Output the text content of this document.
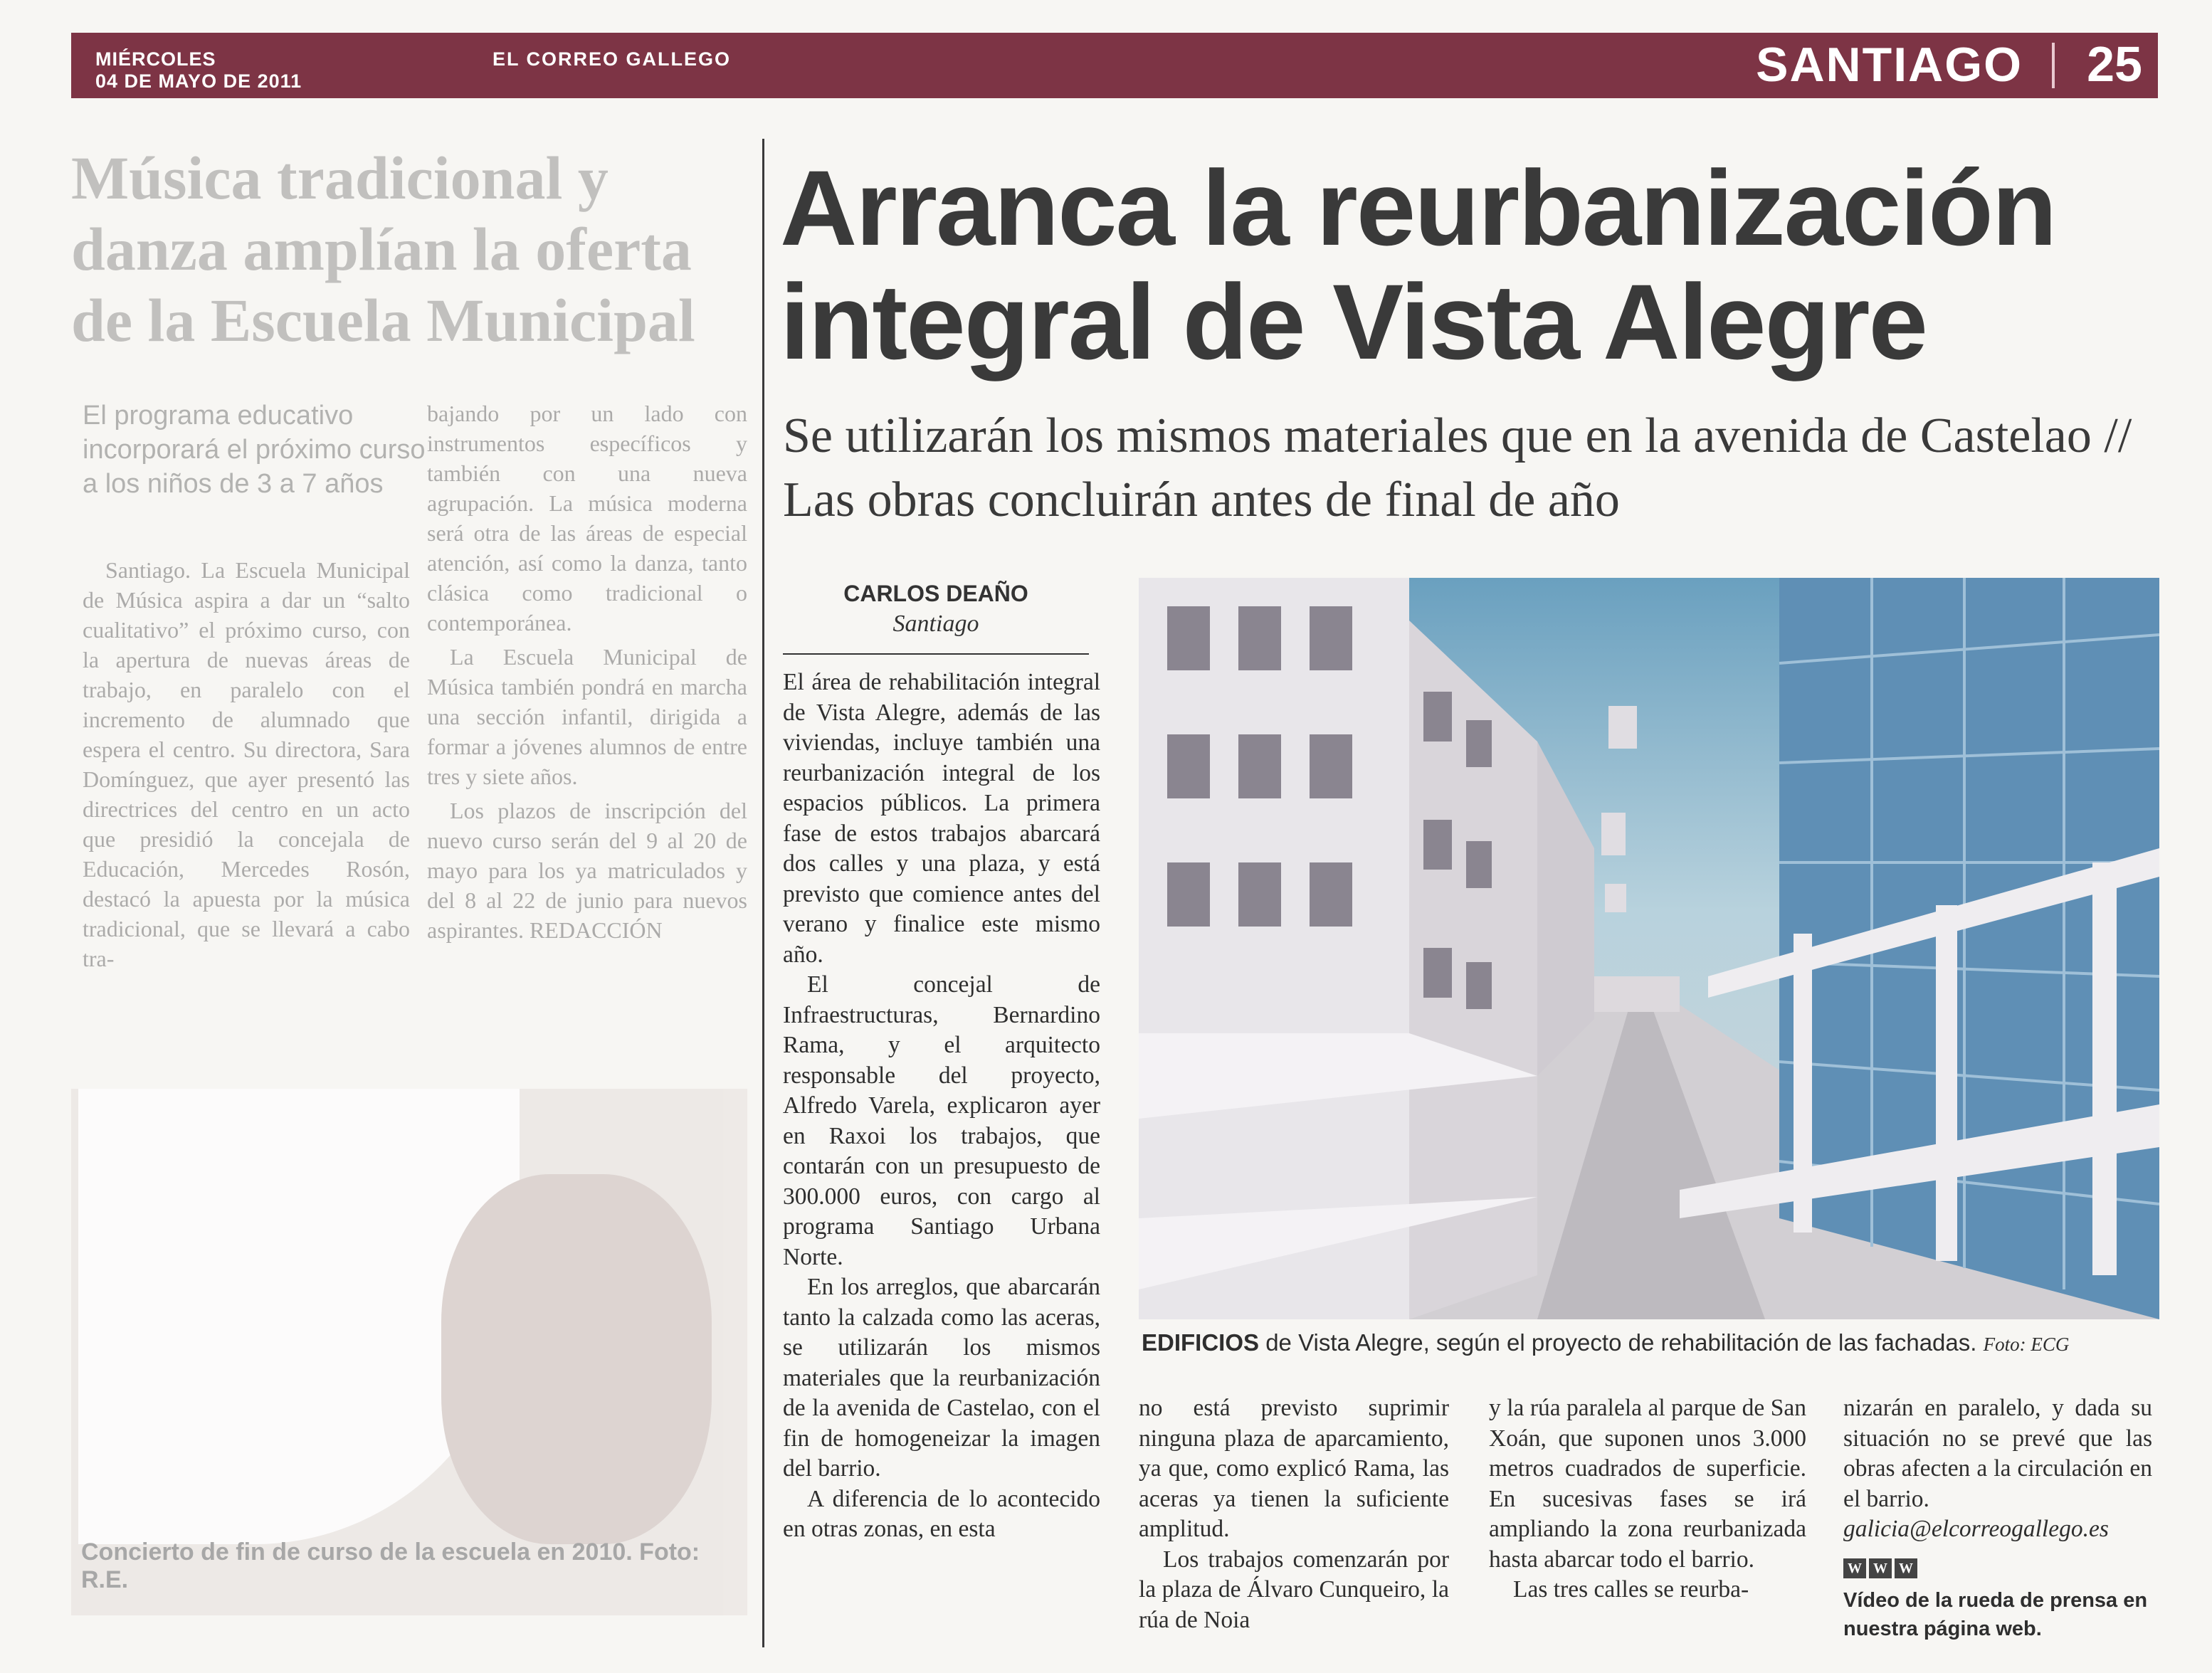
MIÉRCOLES
04 DE MAYO DE 2011
EL CORREO GALLEGO	SANTIAGO 25
Música tradicional y
danza amplían la oferta
de la Escuela Municipal

El programa educativo incorporará el próximo curso a los niños de 3 a 7 años

Santiago. La Escuela Municipal de Música aspira a dar un “salto cualitativo” el próximo curso, con la apertura de nuevas áreas de trabajo, en paralelo con el incremento de alumnado que espera el centro. Su directora, Sara Domínguez, que ayer presentó las directrices del centro en un acto que presidió la concejala de Educación, Mercedes Rosón, destacó la apuesta por la música tradicional, que se llevará a cabo tra-

bajando por un lado con instrumentos específicos y también con una nueva agrupación. La música moderna será otra de las áreas de especial atención, así como la danza, tanto clásica como tradicional o contemporánea.

La Escuela Municipal de Música también pondrá en marcha una sección infantil, dirigida a formar a jóvenes alumnos de entre tres y siete años.

Los plazos de inscripción del nuevo curso serán del 9 al 20 de mayo para los ya matriculados y del 8 al 22 de junio para nuevos aspirantes. REDACCIÓN

Concierto de fin de curso de la escuela en 2010. Foto: R.E.
Arranca la reurbanización integral de Vista Alegre

Se utilizarán los mismos materiales que en la avenida de Castelao // Las obras concluirán antes de final de año

CARLOS DEAÑO
Santiago

El área de rehabilitación integral de Vista Alegre, además de las viviendas, incluye también una reurbanización integral de los espacios públicos. La primera fase de estos trabajos abarcará dos calles y una plaza, y está previsto que comience antes del verano y finalice este mismo año.

El concejal de Infraestructuras, Bernardino Rama, y el arquitecto responsable del proyecto, Alfredo Varela, explicaron ayer en Raxoi los trabajos, que contarán con un presupuesto de 300.000 euros, con cargo al programa Santiago Urbana Norte.

En los arreglos, que abarcarán tanto la calzada como las aceras, se utilizarán los mismos materiales que la reurbanización de la avenida de Castelao, con el fin de homogeneizar la imagen del barrio.

A diferencia de lo acontecido en otras zonas, en esta

EDIFICIOS de Vista Alegre, según el proyecto de rehabilitación de las fachadas. Foto: ECG

no está previsto suprimir ninguna plaza de aparcamiento, ya que, como explicó Rama, las aceras ya tienen la suficiente amplitud.

Los trabajos comenzarán por la plaza de Álvaro Cunqueiro, la rúa de Noia

y la rúa paralela al parque de San Xoán, que suponen unos 3.000 metros cuadrados de superficie. En sucesivas fases se irá ampliando la zona reurbanizada hasta abarcar todo el barrio.

Las tres calles se reurba-

nizarán en paralelo, y dada su situación no se prevé que las obras afecten a la circulación en el barrio.

galicia@elcorreogallego.es

W W W

Vídeo de la rueda de prensa en nuestra página web.
